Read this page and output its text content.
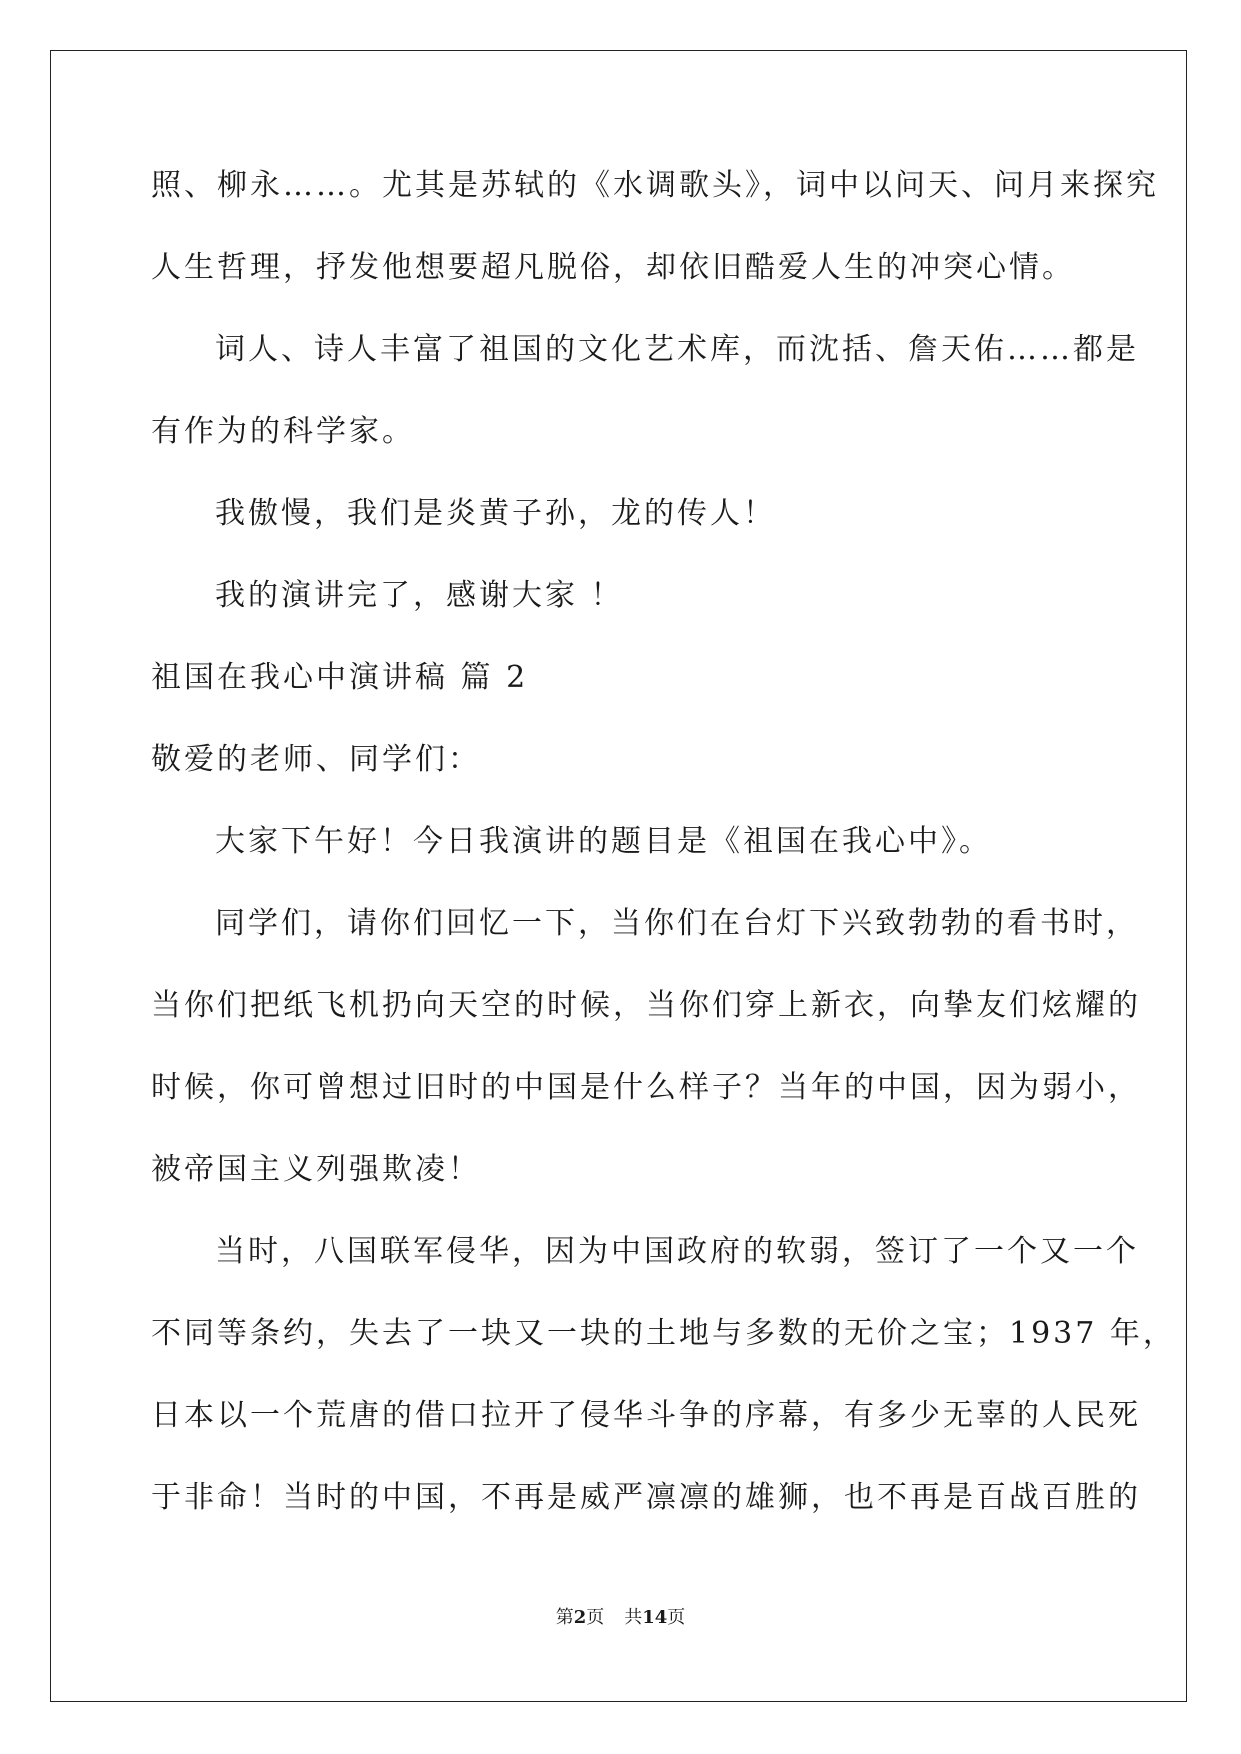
照、柳永……。尤其是苏轼的《水调歌头》，词中以问天、问月来探究
人生哲理，抒发他想要超凡脱俗，却依旧酷爱人生的冲突心情。
词人、诗人丰富了祖国的文化艺术库，而沈括、詹天佑……都是
有作为的科学家。
我傲慢，我们是炎黄子孙，龙的传人！
我的演讲完了，感谢大家 ！
祖国在我心中演讲稿 篇 2
敬爱的老师、同学们：
大家下午好！今日我演讲的题目是《祖国在我心中》。
同学们，请你们回忆一下，当你们在台灯下兴致勃勃的看书时，
当你们把纸飞机扔向天空的时候，当你们穿上新衣，向挚友们炫耀的
时候，你可曾想过旧时的中国是什么样子？当年的中国，因为弱小，
被帝国主义列强欺凌！
当时，八国联军侵华，因为中国政府的软弱，签订了一个又一个
不同等条约，失去了一块又一块的土地与多数的无价之宝；1937 年，
日本以一个荒唐的借口拉开了侵华斗争的序幕，有多少无辜的人民死
于非命！当时的中国，不再是威严凛凛的雄狮，也不再是百战百胜的
第2页 共14页
